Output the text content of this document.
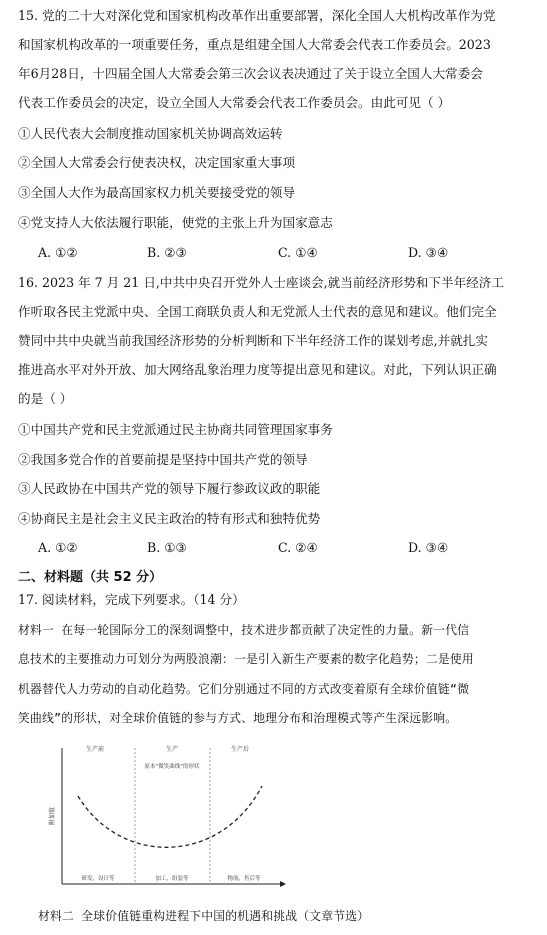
15. 党的二十大对深化党和国家机构改革作出重要部署，深化全国人大机构改革作为党
和国家机构改革的一项重要任务，重点是组建全国人大常委会代表工作委员会。2023
年6月28日，十四届全国人大常委会第三次会议表决通过了关于设立全国人大常委会
代表工作委员会的决定，设立全国人大常委会代表工作委员会。由此可见（ ）
①人民代表大会制度推动国家机关协调高效运转
②全国人大常委会行使表决权，决定国家重大事项
③全国人大作为最高国家权力机关要接受党的领导
④党支持人大依法履行职能，使党的主张上升为国家意志
A. ①②	B. ②③	C. ①④	D. ③④
16. 2023 年 7 月 21 日,中共中央召开党外人士座谈会,就当前经济形势和下半年经济工
作听取各民主党派中央、全国工商联负责人和无党派人士代表的意见和建议。他们完全
赞同中共中央就当前我国经济形势的分析判断和下半年经济工作的谋划考虑,并就扎实
推进高水平对外开放、加大网络乱象治理力度等提出意见和建议。对此，下列认识正确
的是（ ）
①中国共产党和民主党派通过民主协商共同管理国家事务
②我国多党合作的首要前提是坚持中国共产党的领导
③人民政协在中国共产党的领导下履行参政议政的职能
④协商民主是社会主义民主政治的特有形式和独特优势
A. ①②	B. ①③	C. ②④	D. ③④
二、材料题（共 52 分）
17. 阅读材料，完成下列要求。（14 分）
材料一 在每一轮国际分工的深刻调整中，技术进步都贡献了决定性的力量。新一代信
息技术的主要推动力可划分为两股浪潮：一是引入新生产要素的数字化趋势；二是使用
机器替代人力劳动的自动化趋势。它们分别通过不同的方式改变着原有全球价值链“微
笑曲线”的形状，对全球价值链的参与方式、地理分布和治理模式等产生深远影响。
生产前	生产	生产后
原本“微笑曲线”的形状
附加值
研发，设计等	加工，组装等	物流，售后等
材料二 全球价值链重构进程下中国的机遇和挑战（文章节选）
